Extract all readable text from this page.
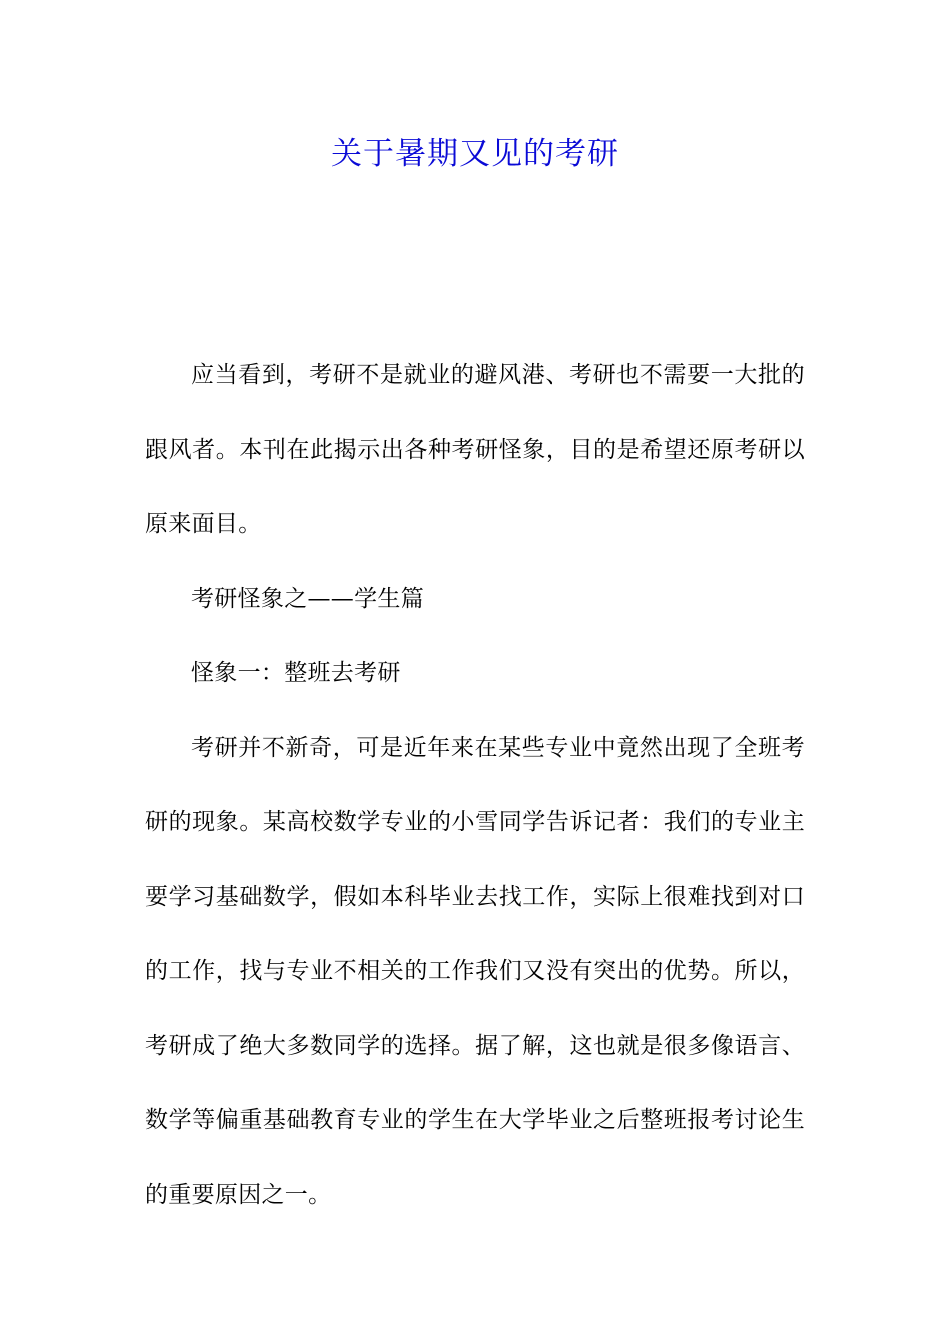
关于暑期又见的考研

应当看到，考研不是就业的避风港、考研也不需要一大批的跟风者。本刊在此揭示出各种考研怪象，目的是希望还原考研以原来面目。

考研怪象之——学生篇

怪象一：整班去考研

考研并不新奇，可是近年来在某些专业中竟然出现了全班考研的现象。某高校数学专业的小雪同学告诉记者：我们的专业主要学习基础数学，假如本科毕业去找工作，实际上很难找到对口的工作，找与专业不相关的工作我们又没有突出的优势。所以，考研成了绝大多数同学的选择。据了解，这也就是很多像语言、数学等偏重基础教育专业的学生在大学毕业之后整班报考讨论生的重要原因之一。
